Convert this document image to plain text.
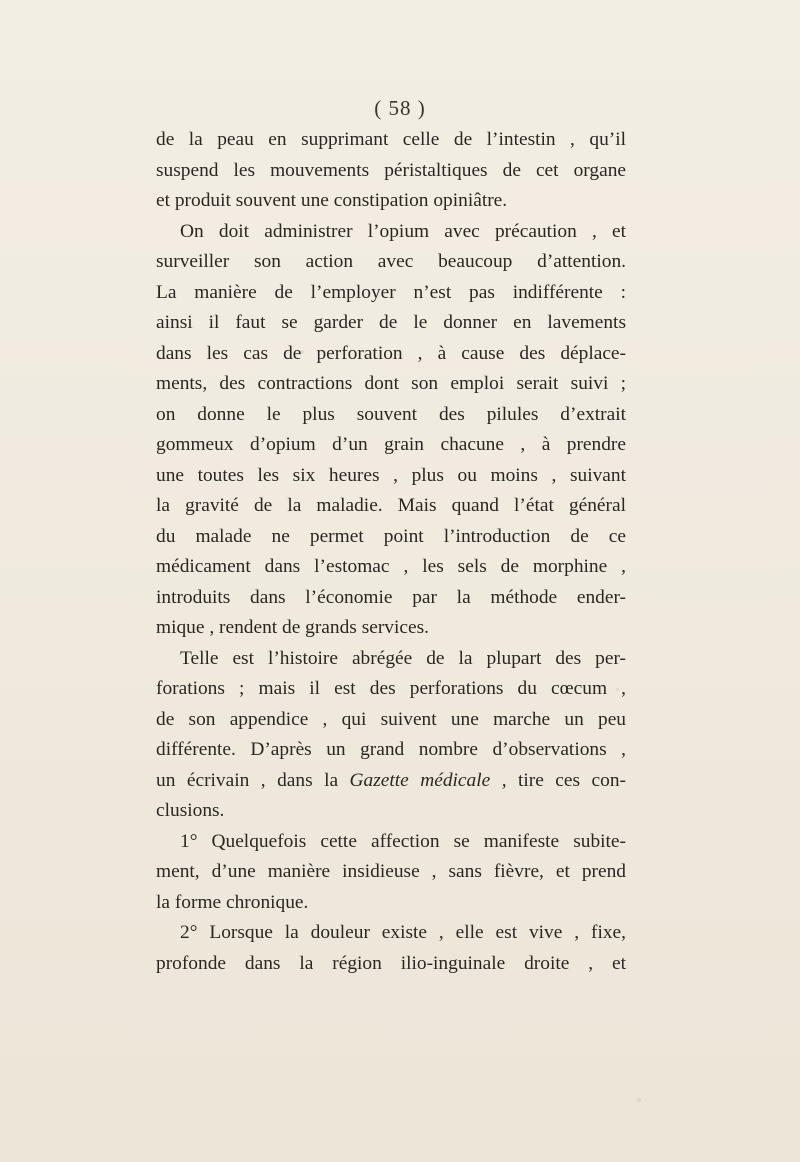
( 58 )
de la peau en supprimant celle de l’intestin , qu’il
suspend les mouvements péristaltiques de cet organe
et produit souvent une constipation opiniâtre.
On doit administrer l’opium avec précaution , et
surveiller son action avec beaucoup d’attention.
La manière de l’employer n’est pas indifférente :
ainsi il faut se garder de le donner en lavements
dans les cas de perforation , à cause des déplace-
ments, des contractions dont son emploi serait suivi ;
on donne le plus souvent des pilules d’extrait
gommeux d’opium d’un grain chacune , à prendre
une toutes les six heures , plus ou moins , suivant
la gravité de la maladie. Mais quand l’état général
du malade ne permet point l’introduction de ce
médicament dans l’estomac , les sels de morphine ,
introduits dans l’économie par la méthode ender-
mique , rendent de grands services.
Telle est l’histoire abrégée de la plupart des per-
forations ; mais il est des perforations du cœcum ,
de son appendice , qui suivent une marche un peu
différente. D’après un grand nombre d’observations ,
un écrivain , dans la Gazette médicale , tire ces con-
clusions.
1° Quelquefois cette affection se manifeste subite-
ment, d’une manière insidieuse , sans fièvre, et prend
la forme chronique.
2° Lorsque la douleur existe , elle est vive , fixe,
profonde dans la région ilio-inguinale droite , et
